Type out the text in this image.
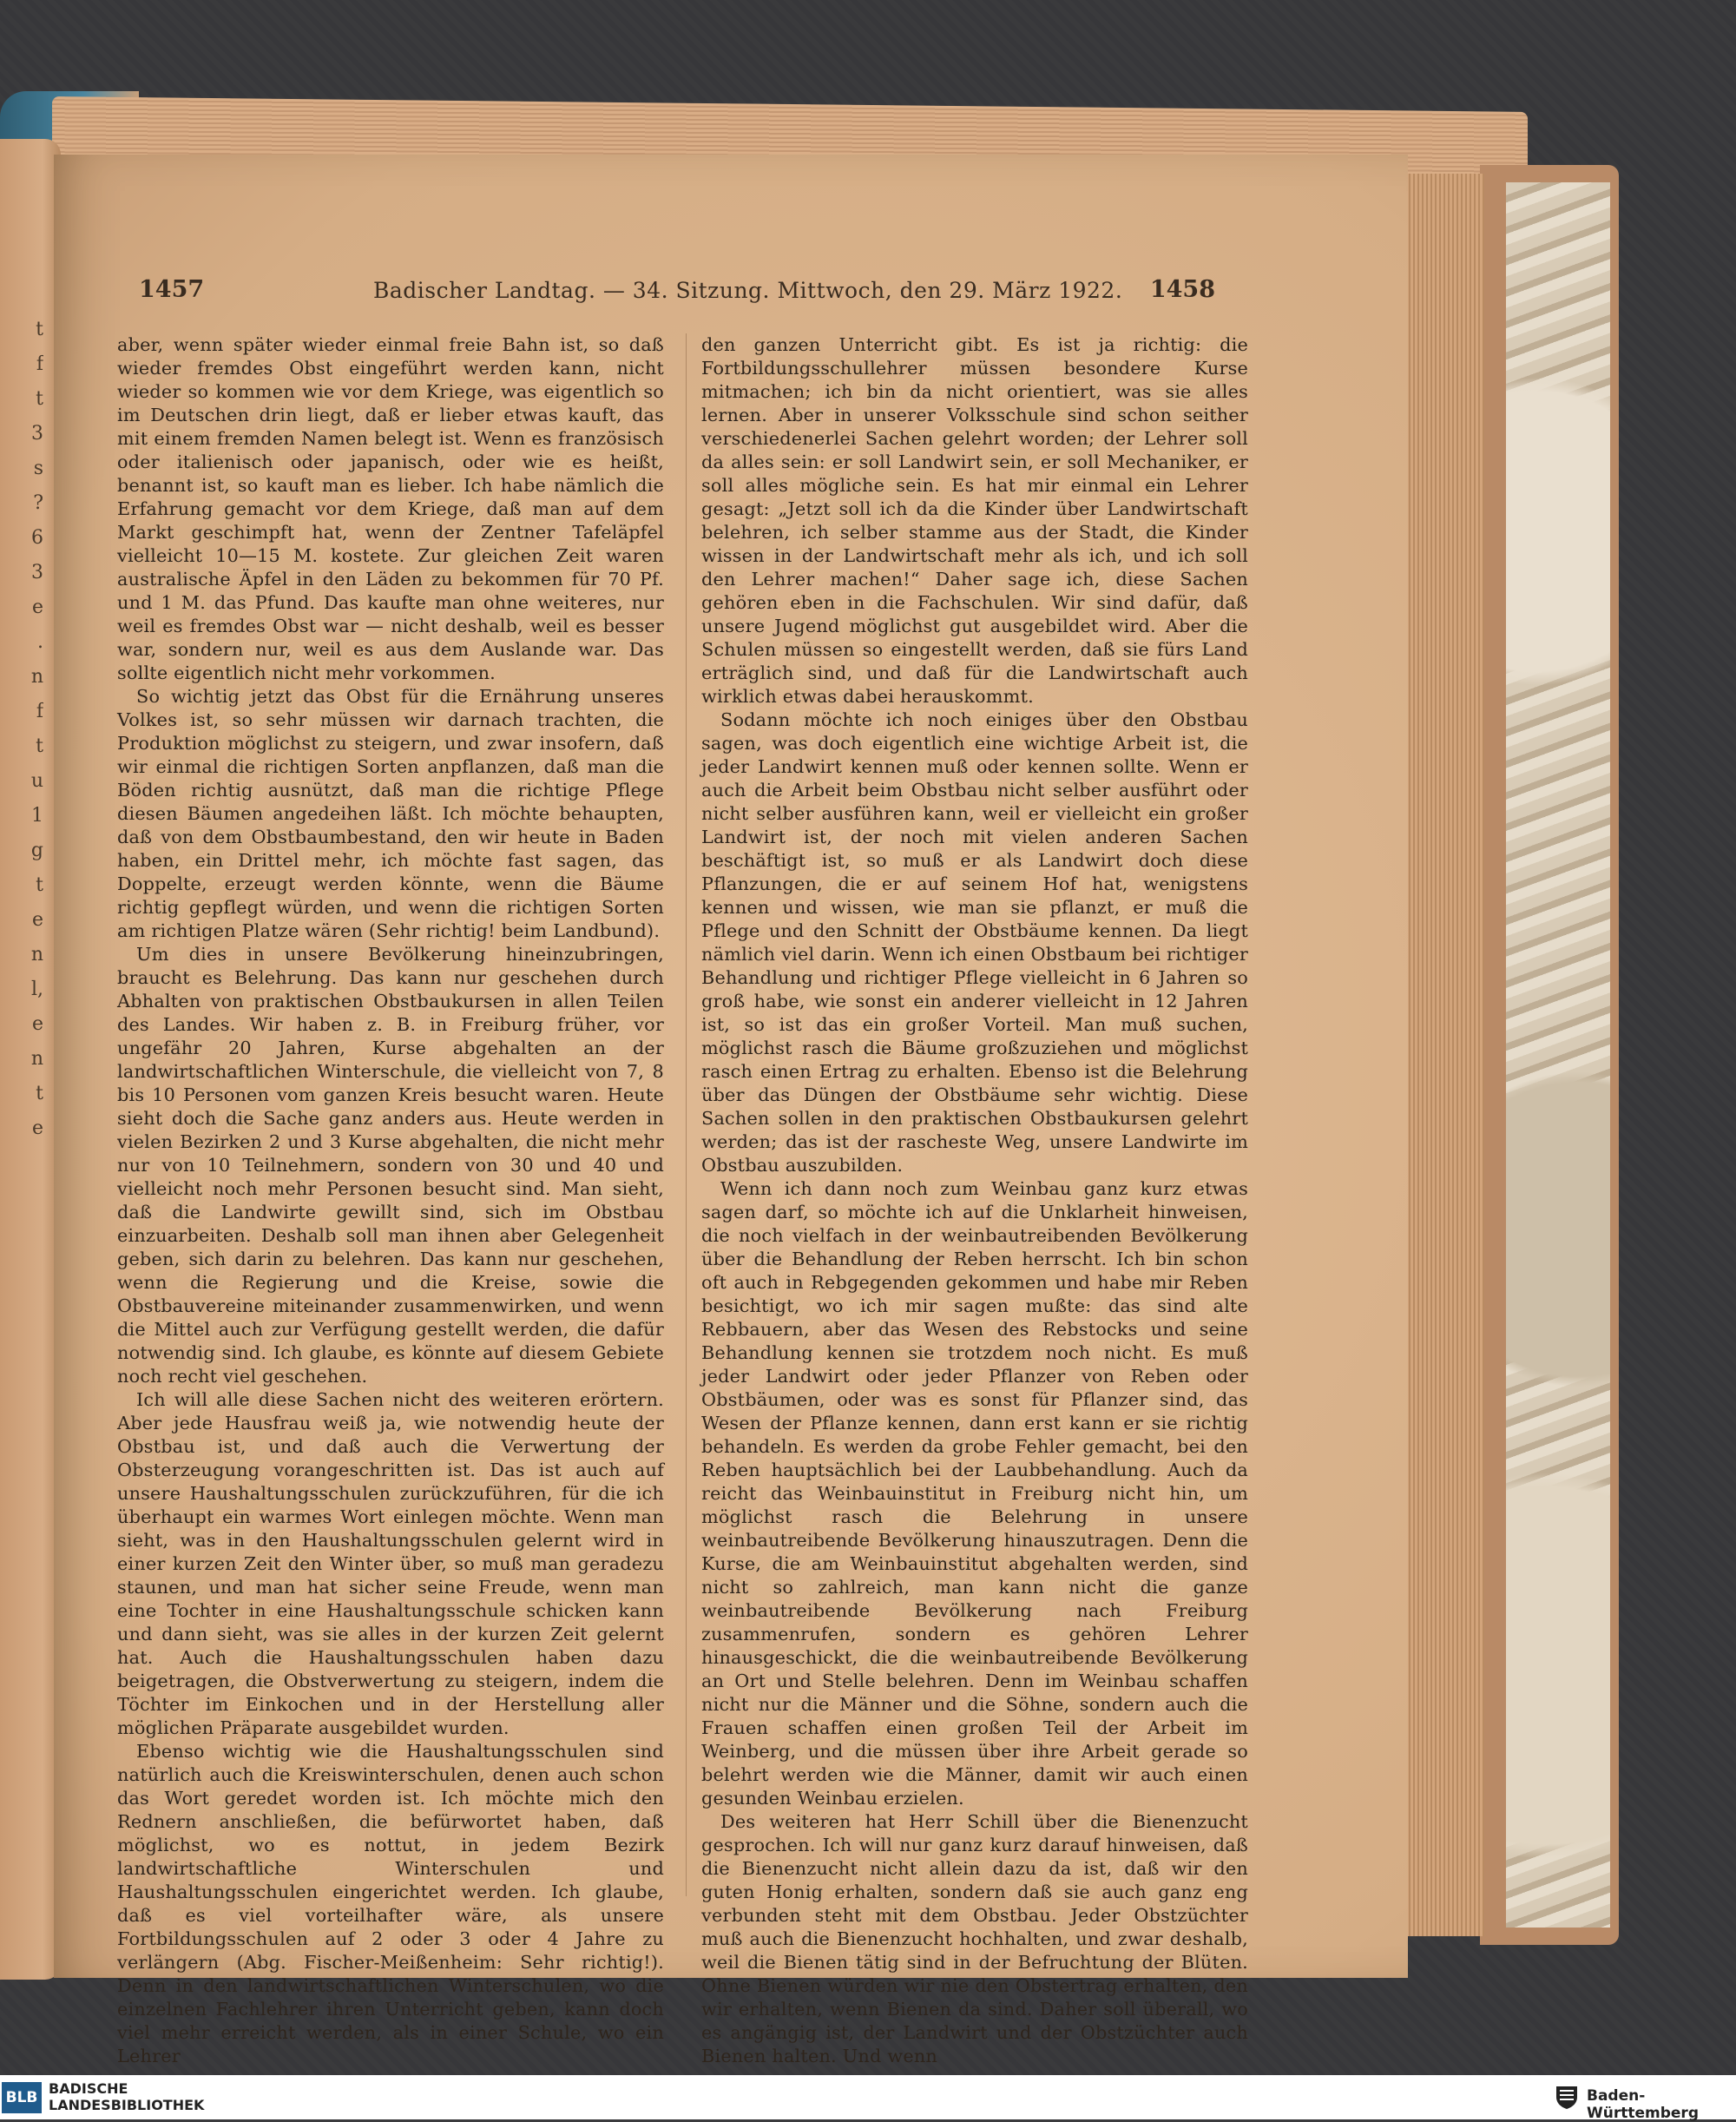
t
f
t
3
s
?
6
3
e
.
n
f
t
u
1
g
t
e
n
l,
e
n
t
e
1457	Badischer Landtag. — 34. Sitzung. Mittwoch, den 29. März 1922. 1458

aber, wenn später wieder einmal freie Bahn ist, so daß wieder fremdes Obst eingeführt werden kann, nicht wieder so kommen wie vor dem Kriege, was eigentlich so im Deutschen drin liegt, daß er lieber etwas kauft, das mit einem fremden Namen belegt ist. Wenn es französisch oder italienisch oder japanisch, oder wie es heißt, benannt ist, so kauft man es lieber. Ich habe nämlich die Erfahrung gemacht vor dem Kriege, daß man auf dem Markt geschimpft hat, wenn der Zentner Tafeläpfel vielleicht 10—15 M. kostete. Zur gleichen Zeit waren australische Äpfel in den Läden zu bekommen für 70 Pf. und 1 M. das Pfund. Das kaufte man ohne weiteres, nur weil es fremdes Obst war — nicht deshalb, weil es besser war, sondern nur, weil es aus dem Auslande war. Das sollte eigentlich nicht mehr vorkommen.

So wichtig jetzt das Obst für die Ernährung unseres Volkes ist, so sehr müssen wir darnach trachten, die Produktion möglichst zu steigern, und zwar insofern, daß wir einmal die richtigen Sorten anpflanzen, daß man die Böden richtig ausnützt, daß man die richtige Pflege diesen Bäumen angedeihen läßt. Ich möchte behaupten, daß von dem Obstbaumbestand, den wir heute in Baden haben, ein Drittel mehr, ich möchte fast sagen, das Doppelte, erzeugt werden könnte, wenn die Bäume richtig gepflegt würden, und wenn die richtigen Sorten am richtigen Platze wären (Sehr richtig! beim Landbund).

Um dies in unsere Bevölkerung hineinzubringen, braucht es Belehrung. Das kann nur geschehen durch Abhalten von praktischen Obstbaukursen in allen Teilen des Landes. Wir haben z. B. in Freiburg früher, vor ungefähr 20 Jahren, Kurse abgehalten an der landwirtschaftlichen Winterschule, die vielleicht von 7, 8 bis 10 Personen vom ganzen Kreis besucht waren. Heute sieht doch die Sache ganz anders aus. Heute werden in vielen Bezirken 2 und 3 Kurse abgehalten, die nicht mehr nur von 10 Teilnehmern, sondern von 30 und 40 und vielleicht noch mehr Personen besucht sind. Man sieht, daß die Landwirte gewillt sind, sich im Obstbau einzuarbeiten. Deshalb soll man ihnen aber Gelegenheit geben, sich darin zu belehren. Das kann nur geschehen, wenn die Regierung und die Kreise, sowie die Obstbauvereine miteinander zusammenwirken, und wenn die Mittel auch zur Verfügung gestellt werden, die dafür notwendig sind. Ich glaube, es könnte auf diesem Gebiete noch recht viel geschehen.

Ich will alle diese Sachen nicht des weiteren erörtern. Aber jede Hausfrau weiß ja, wie notwendig heute der Obstbau ist, und daß auch die Verwertung der Obsterzeugung vorangeschritten ist. Das ist auch auf unsere Haushaltungsschulen zurückzuführen, für die ich überhaupt ein warmes Wort einlegen möchte. Wenn man sieht, was in den Haushaltungsschulen gelernt wird in einer kurzen Zeit den Winter über, so muß man geradezu staunen, und man hat sicher seine Freude, wenn man eine Tochter in eine Haushaltungsschule schicken kann und dann sieht, was sie alles in der kurzen Zeit gelernt hat. Auch die Haushaltungsschulen haben dazu beigetragen, die Obstverwertung zu steigern, indem die Töchter im Einkochen und in der Herstellung aller möglichen Präparate ausgebildet wurden.

Ebenso wichtig wie die Haushaltungsschulen sind natürlich auch die Kreiswinterschulen, denen auch schon das Wort geredet worden ist. Ich möchte mich den Rednern anschließen, die befürwortet haben, daß möglichst, wo es nottut, in jedem Bezirk landwirtschaftliche Winterschulen und Haushaltungsschulen eingerichtet werden. Ich glaube, daß es viel vorteilhafter wäre, als unsere Fortbildungsschulen auf 2 oder 3 oder 4 Jahre zu verlängern (Abg. Fischer-Meißenheim: Sehr richtig!). Denn in den landwirtschaftlichen Winterschulen, wo die einzelnen Fachlehrer ihren Unterricht geben, kann doch viel mehr erreicht werden, als in einer Schule, wo ein Lehrer

den ganzen Unterricht gibt. Es ist ja richtig: die Fortbildungsschullehrer müssen besondere Kurse mitmachen; ich bin da nicht orientiert, was sie alles lernen. Aber in unserer Volksschule sind schon seither verschiedenerlei Sachen gelehrt worden; der Lehrer soll da alles sein: er soll Landwirt sein, er soll Mechaniker, er soll alles mögliche sein. Es hat mir einmal ein Lehrer gesagt: „Jetzt soll ich da die Kinder über Landwirtschaft belehren, ich selber stamme aus der Stadt, die Kinder wissen in der Landwirtschaft mehr als ich, und ich soll den Lehrer machen!“ Daher sage ich, diese Sachen gehören eben in die Fachschulen. Wir sind dafür, daß unsere Jugend möglichst gut ausgebildet wird. Aber die Schulen müssen so eingestellt werden, daß sie fürs Land erträglich sind, und daß für die Landwirtschaft auch wirklich etwas dabei herauskommt.

Sodann möchte ich noch einiges über den Obstbau sagen, was doch eigentlich eine wichtige Arbeit ist, die jeder Landwirt kennen muß oder kennen sollte. Wenn er auch die Arbeit beim Obstbau nicht selber ausführt oder nicht selber ausführen kann, weil er vielleicht ein großer Landwirt ist, der noch mit vielen anderen Sachen beschäftigt ist, so muß er als Landwirt doch diese Pflanzungen, die er auf seinem Hof hat, wenigstens kennen und wissen, wie man sie pflanzt, er muß die Pflege und den Schnitt der Obstbäume kennen. Da liegt nämlich viel darin. Wenn ich einen Obstbaum bei richtiger Behandlung und richtiger Pflege vielleicht in 6 Jahren so groß habe, wie sonst ein anderer vielleicht in 12 Jahren ist, so ist das ein großer Vorteil. Man muß suchen, möglichst rasch die Bäume großzuziehen und möglichst rasch einen Ertrag zu erhalten. Ebenso ist die Belehrung über das Düngen der Obstbäume sehr wichtig. Diese Sachen sollen in den praktischen Obstbaukursen gelehrt werden; das ist der rascheste Weg, unsere Landwirte im Obstbau auszubilden.

Wenn ich dann noch zum Weinbau ganz kurz etwas sagen darf, so möchte ich auf die Unklarheit hinweisen, die noch vielfach in der weinbautreibenden Bevölkerung über die Behandlung der Reben herrscht. Ich bin schon oft auch in Rebgegenden gekommen und habe mir Reben besichtigt, wo ich mir sagen mußte: das sind alte Rebbauern, aber das Wesen des Rebstocks und seine Behandlung kennen sie trotzdem noch nicht. Es muß jeder Landwirt oder jeder Pflanzer von Reben oder Obstbäumen, oder was es sonst für Pflanzer sind, das Wesen der Pflanze kennen, dann erst kann er sie richtig behandeln. Es werden da grobe Fehler gemacht, bei den Reben hauptsächlich bei der Laubbehandlung. Auch da reicht das Weinbauinstitut in Freiburg nicht hin, um möglichst rasch die Belehrung in unsere weinbautreibende Bevölkerung hinauszutragen. Denn die Kurse, die am Weinbauinstitut abgehalten werden, sind nicht so zahlreich, man kann nicht die ganze weinbautreibende Bevölkerung nach Freiburg zusammenrufen, sondern es gehören Lehrer hinausgeschickt, die die weinbautreibende Bevölkerung an Ort und Stelle belehren. Denn im Weinbau schaffen nicht nur die Männer und die Söhne, sondern auch die Frauen schaffen einen großen Teil der Arbeit im Weinberg, und die müssen über ihre Arbeit gerade so belehrt werden wie die Männer, damit wir auch einen gesunden Weinbau erzielen.

Des weiteren hat Herr Schill über die Bienenzucht gesprochen. Ich will nur ganz kurz darauf hinweisen, daß die Bienenzucht nicht allein dazu da ist, daß wir den guten Honig erhalten, sondern daß sie auch ganz eng verbunden steht mit dem Obstbau. Jeder Obstzüchter muß auch die Bienenzucht hochhalten, und zwar deshalb, weil die Bienen tätig sind in der Befruchtung der Blüten. Ohne Bienen würden wir nie den Obstertrag erhalten, den wir erhalten, wenn Bienen da sind. Daher soll überall, wo es angängig ist, der Landwirt und der Obstzüchter auch Bienen halten. Und wenn

BLB
BADISCHE
LANDESBIBLIOTHEK
Baden-Württemberg
